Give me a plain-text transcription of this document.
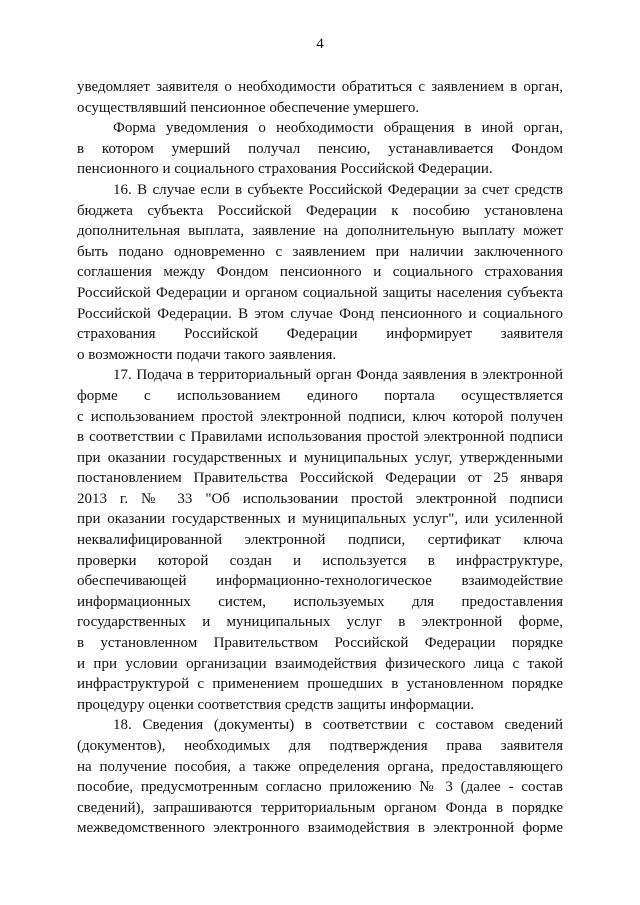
4

уведомляет заявителя о необходимости обратиться с заявлением в орган,
осуществлявший пенсионное обеспечение умершего.

Форма уведомления о необходимости обращения в иной орган,
в котором умерший получал пенсию, устанавливается Фондом
пенсионного и социального страхования Российской Федерации.

16. В случае если в субъекте Российской Федерации за счет средств
бюджета субъекта Российской Федерации к пособию установлена
дополнительная выплата, заявление на дополнительную выплату может
быть подано одновременно с заявлением при наличии заключенного
соглашения между Фондом пенсионного и социального страхования
Российской Федерации и органом социальной защиты населения субъекта
Российской Федерации. В этом случае Фонд пенсионного и социального
страхования Российской Федерации информирует заявителя
о возможности подачи такого заявления.

17. Подача в территориальный орган Фонда заявления в электронной
форме с использованием единого портала осуществляется
с использованием простой электронной подписи, ключ которой получен
в соответствии с Правилами использования простой электронной подписи
при оказании государственных и муниципальных услуг, утвержденными
постановлением Правительства Российской Федерации от 25 января
2013 г. № 33 "Об использовании простой электронной подписи
при оказании государственных и муниципальных услуг", или усиленной
неквалифицированной электронной подписи, сертификат ключа
проверки которой создан и используется в инфраструктуре,
обеспечивающей информационно-технологическое взаимодействие
информационных систем, используемых для предоставления
государственных и муниципальных услуг в электронной форме,
в установленном Правительством Российской Федерации порядке
и при условии организации взаимодействия физического лица с такой
инфраструктурой с применением прошедших в установленном порядке
процедуру оценки соответствия средств защиты информации.

18. Сведения (документы) в соответствии с составом сведений
(документов), необходимых для подтверждения права заявителя
на получение пособия, а также определения органа, предоставляющего
пособие, предусмотренным согласно приложению № 3 (далее - состав
сведений), запрашиваются территориальным органом Фонда в порядке
межведомственного электронного взаимодействия в электронной форме
